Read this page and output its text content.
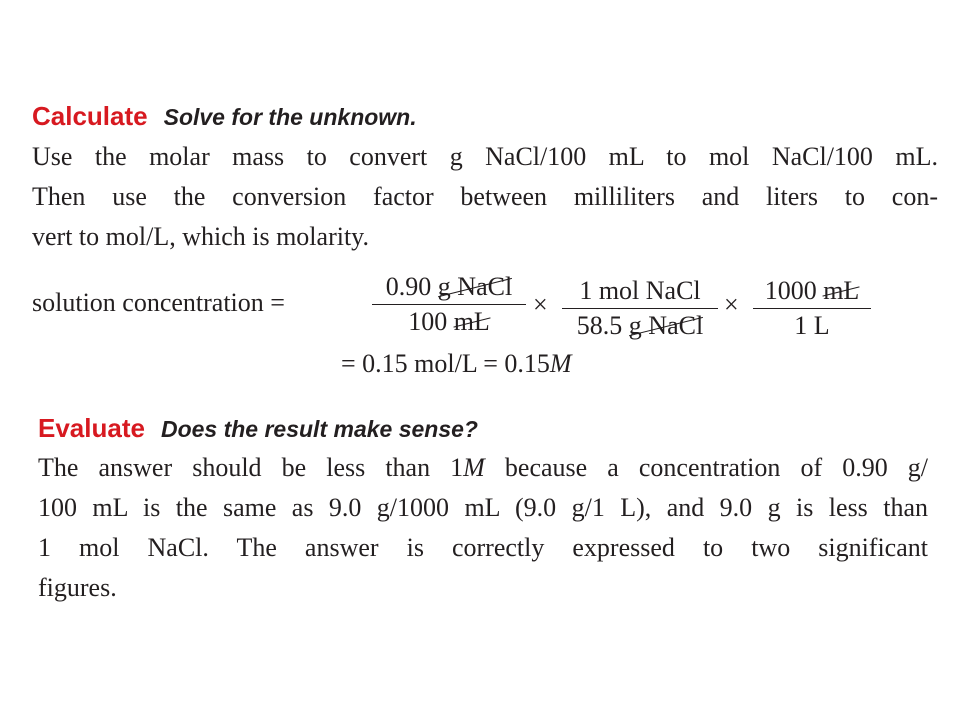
Calculate Solve for the unknown.
Use the molar mass to convert g NaCl/100 mL to mol NaCl/100 mL.
Then use the conversion factor between milliliters and liters to con-
vert to mol/L, which is molarity.
solution concentration =
0.90 g NaCl
100 mL
×	1 mol NaCl
58.5 g NaCl
×	1000 mL
1 L
= 0.15 mol/L = 0.15M
Evaluate Does the result make sense?
The answer should be less than 1M because a concentration of 0.90 g/
100 mL is the same as 9.0 g/1000 mL (9.0 g/1 L), and 9.0 g is less than
1 mol NaCl. The answer is correctly expressed to two significant
figures.
